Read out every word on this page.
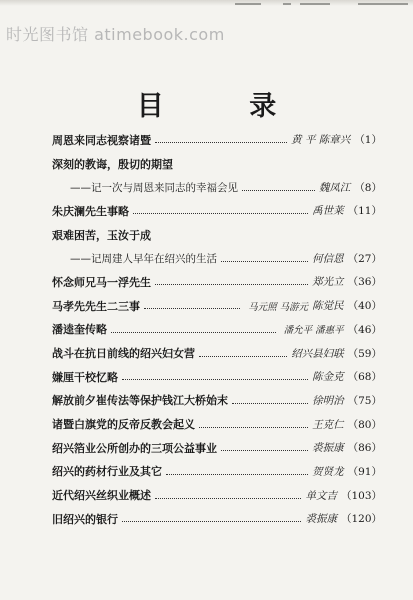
时光图书馆 atimebook.com
目 录
周恩来同志视察诸暨	黄 平 陈章兴 （1）
深刻的教诲，殷切的期望
——记一次与周恩来同志的幸福会见	魏凤江 （8）
朱庆澜先生事略	禹世莱 （11）
艰难困苦，玉汝于成
——记周建人早年在绍兴的生活	何信恩 （27）
怀念师兄马一浮先生	郑光立 （36）
马孝先先生二三事	马元照 马游元 陈觉民 （40）
潘逵奎传略	潘允平 潘惠平 （46）
战斗在抗日前线的绍兴妇女营	绍兴县妇联 （59）
嫌厘干校忆略	陈金克 （68）
解放前夕崔传法等保护钱江大桥始末	徐明治 （75）
诸暨白旗党的反帝反教会起义	王克仁 （80）
绍兴箔业公所创办的三项公益事业	裘振康 （86）
绍兴的药材行业及其它	贺贤龙 （91）
近代绍兴丝织业概述	单文吉 （103）
旧绍兴的银行	裘振康 （120）
